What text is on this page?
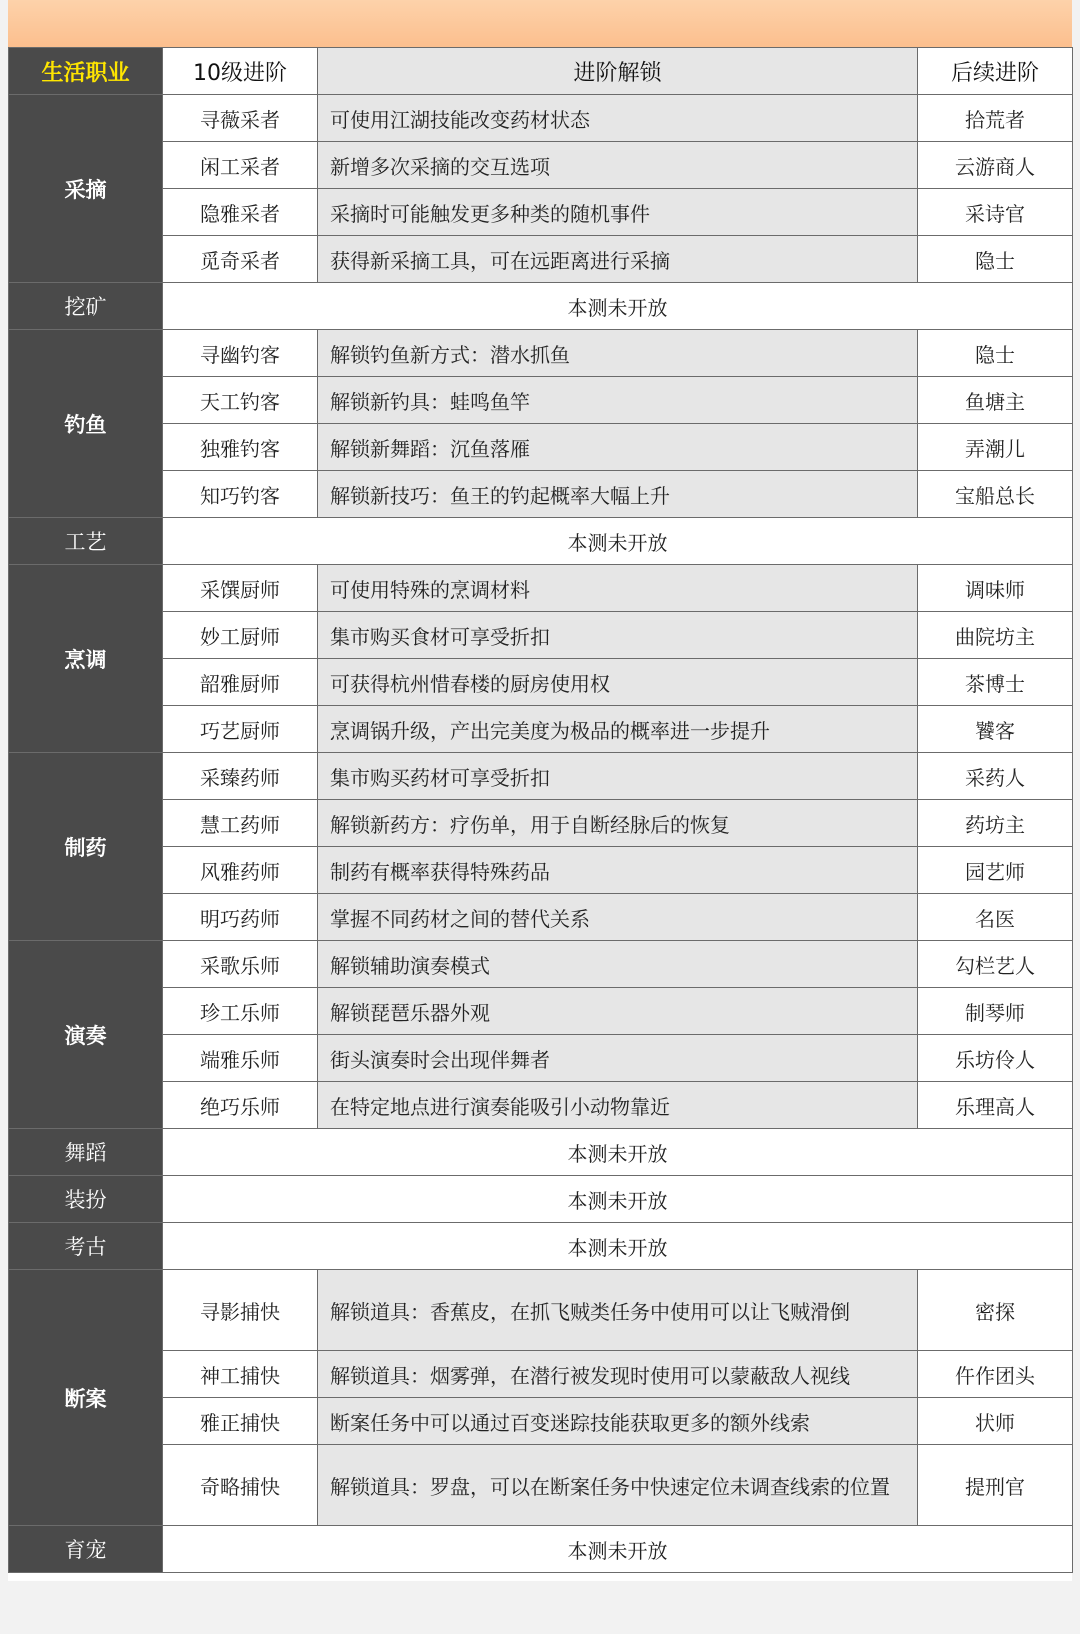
生活职业	10级进阶	进阶解锁	后续进阶
采摘	寻薇采者	可使用江湖技能改变药材状态	拾荒者
	闲工采者	新增多次采摘的交互选项	云游商人
	隐雅采者	采摘时可能触发更多种类的随机事件	采诗官
	觅奇采者	获得新采摘工具，可在远距离进行采摘	隐士
挖矿	本测未开放		
钓鱼	寻幽钓客	解锁钓鱼新方式：潜水抓鱼	隐士
	天工钓客	解锁新钓具：蛙鸣鱼竿	鱼塘主
	独雅钓客	解锁新舞蹈：沉鱼落雁	弄潮儿
	知巧钓客	解锁新技巧：鱼王的钓起概率大幅上升	宝船总长
工艺	本测未开放		
烹调	采馔厨师	可使用特殊的烹调材料	调味师
	妙工厨师	集市购买食材可享受折扣	曲院坊主
	韶雅厨师	可获得杭州惜春楼的厨房使用权	茶博士
	巧艺厨师	烹调锅升级，产出完美度为极品的概率进一步提升	饕客
制药	采臻药师	集市购买药材可享受折扣	采药人
	慧工药师	解锁新药方：疗伤单，用于自断经脉后的恢复	药坊主
	风雅药师	制药有概率获得特殊药品	园艺师
	明巧药师	掌握不同药材之间的替代关系	名医
演奏	采歌乐师	解锁辅助演奏模式	勾栏艺人
	珍工乐师	解锁琵琶乐器外观	制琴师
	端雅乐师	街头演奏时会出现伴舞者	乐坊伶人
	绝巧乐师	在特定地点进行演奏能吸引小动物靠近	乐理高人
舞蹈	本测未开放		
装扮	本测未开放		
考古	本测未开放		
断案	寻影捕快	解锁道具：香蕉皮，在抓飞贼类任务中使用可以让飞贼滑倒	密探
	神工捕快	解锁道具：烟雾弹，在潜行被发现时使用可以蒙蔽敌人视线	仵作团头
	雅正捕快	断案任务中可以通过百变迷踪技能获取更多的额外线索	状师
	奇略捕快	解锁道具：罗盘，可以在断案任务中快速定位未调查线索的位置	提刑官
育宠	本测未开放		
